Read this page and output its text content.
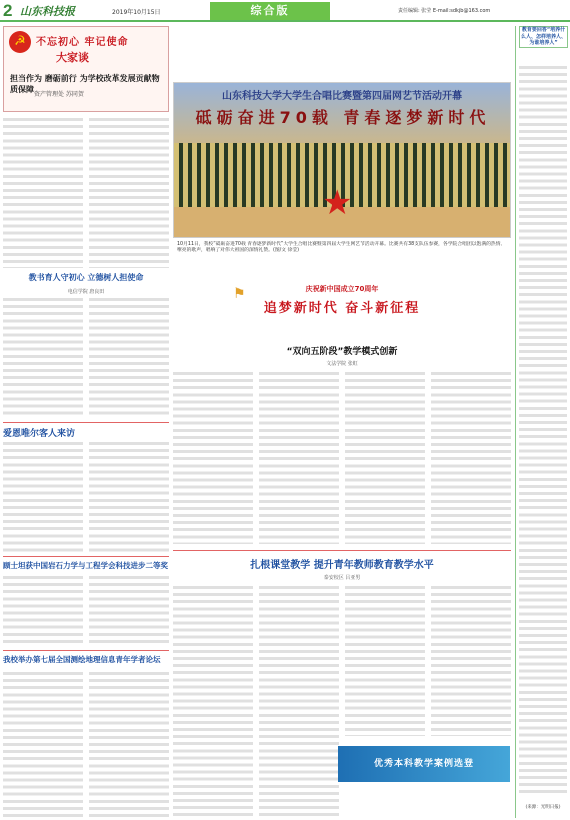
2 山东科技报	2019年10月15日	综合版	责任编辑: 张莹 E-mail:sdkjb@163.com
☭	不忘初心 牢记使命
大家谈
担当作为 磨砺前行 为学校改革发展贡献物质保障
资产管理处 苏同贺
教书育人守初心 立德树人担使命
电信学院 唐良田
爱恩唯尔客人来访
顾士坦获中国岩石力学与工程学会科技进步二等奖
我校举办第七届全国测绘地理信息青年学者论坛
山东科技大学大学生合唱比赛暨第四届网艺节活动开幕
砥砺奋进70载 青春逐梦新时代
★
10月11日，我校“砥砺奋进70载 青春逐梦新时代”大学生合唱比赛暨第四届大学生网艺节活动开幕。比赛共有38支队伍参赛，各学院合唱团以饱满的热情、嘹亮的歌声，唱响了对伟大祖国的深情礼赞。(图/文 徐莹)
⚑	庆祝新中国成立70周年
追梦新时代 奋斗新征程
“双向五阶段”教学模式创新
文法学院 张虹
扎根课堂教学 提升青年教师教育教学水平
泰安校区 吕亚男
优秀本科教学案例选登
教育要回答“培养什么人、怎样培养人、为谁培养人”
(来源：光明日报)
